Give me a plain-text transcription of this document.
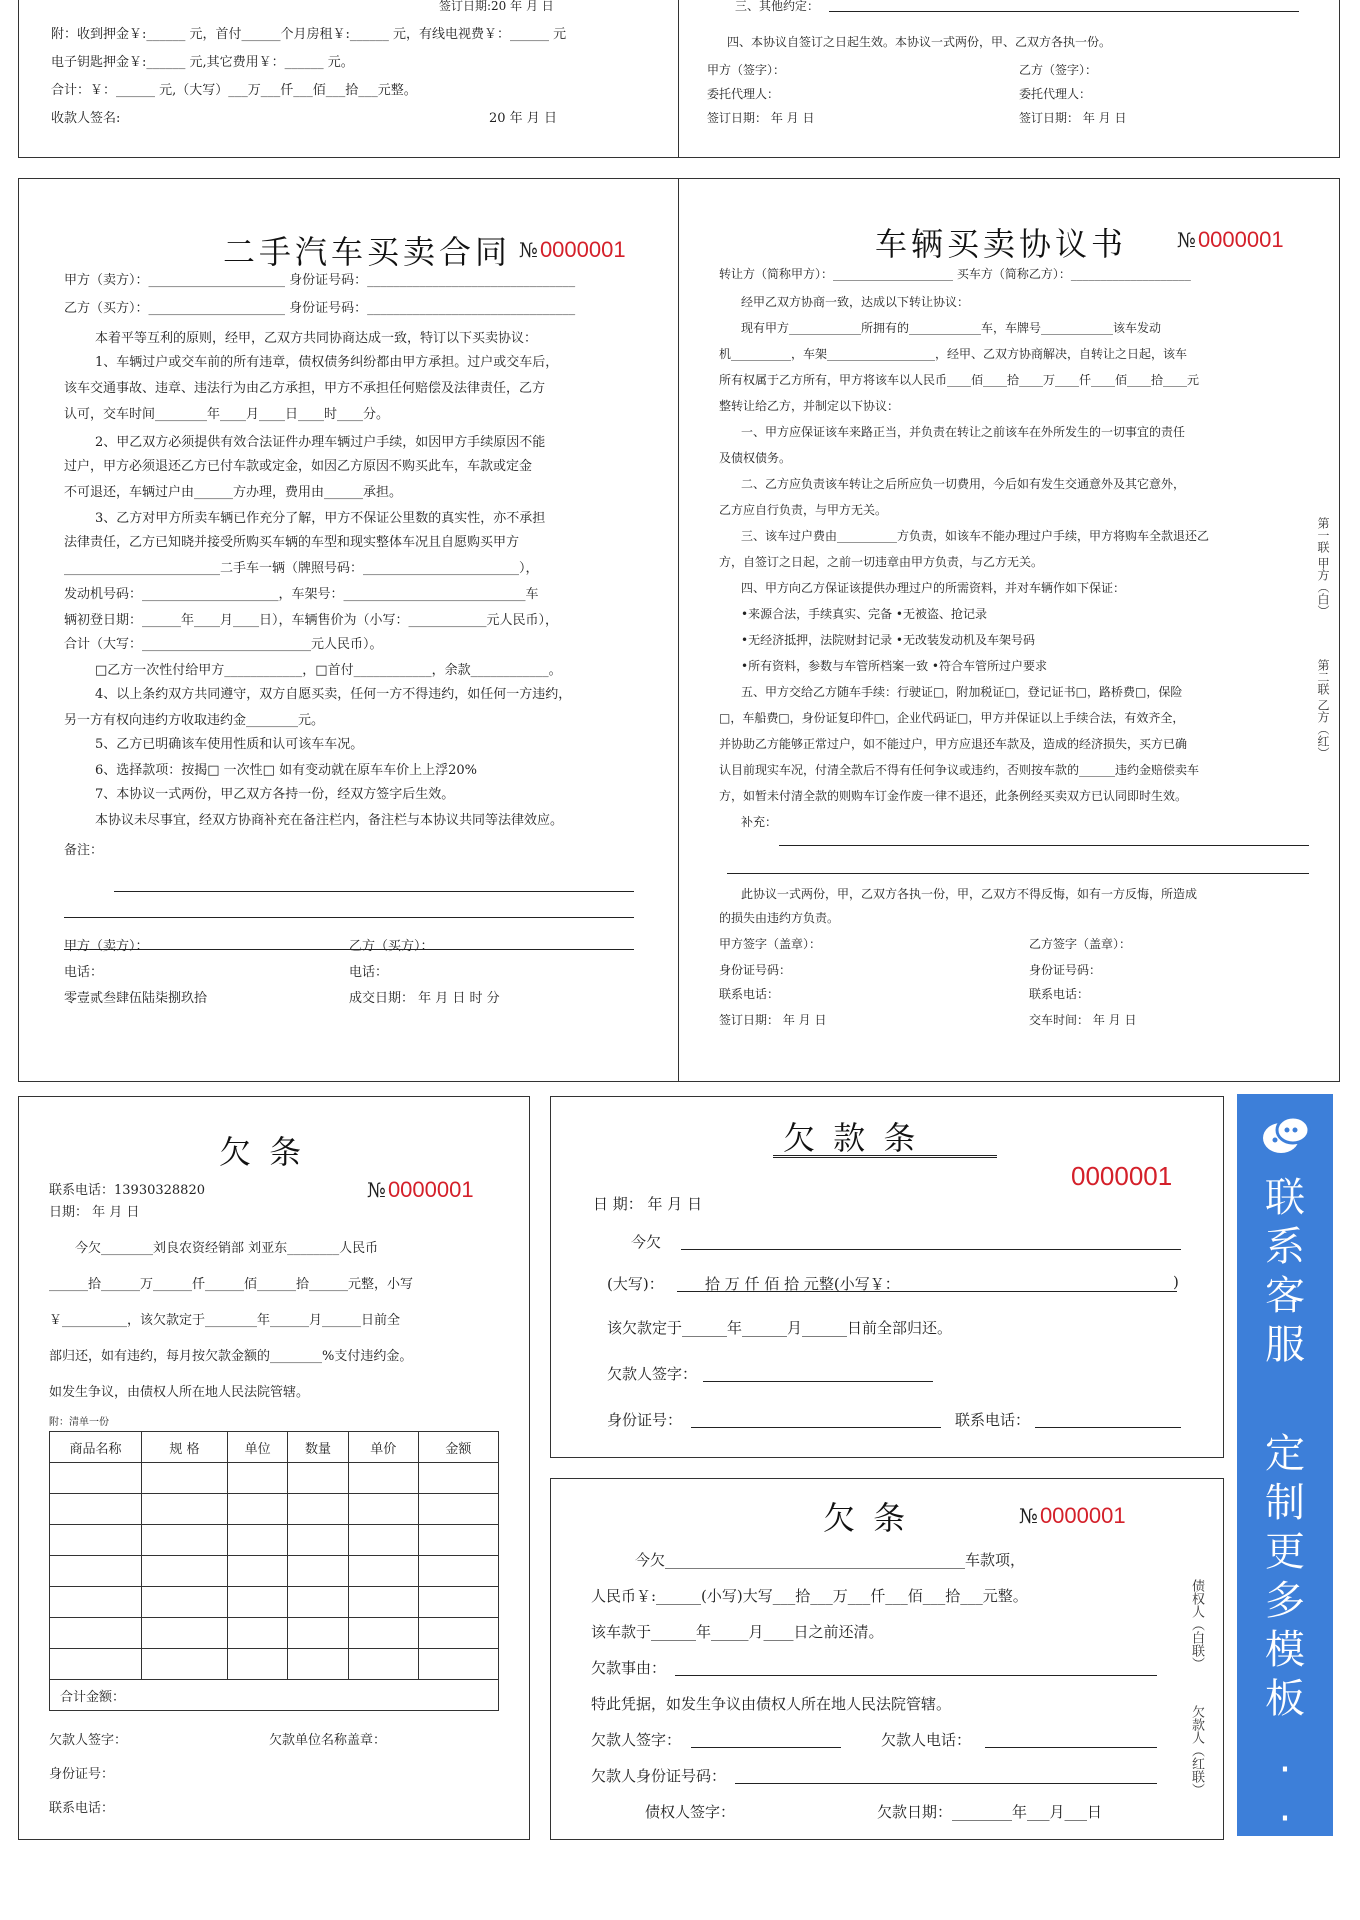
签订日期:20 年 月 日
附：收到押金￥:______ 元，首付______个月房租￥:______ 元，有线电视费￥：______ 元
电子钥匙押金￥:______ 元,其它费用￥：______ 元。
合计：￥：______ 元,（大写）___万___仟___佰___拾___元整。
收款人签名:	20 年 月 日
三、其他约定：
四、本协议自签订之日起生效。本协议一式两份，甲、乙双方各执一份。
甲方（签字）：	乙方（签字）：
委托代理人：	委托代理人：
签订日期： 年 月 日	签订日期： 年 月 日
二手汽车买卖合同 №0000001
甲方（卖方）：_____________________ 身份证号码：________________________________
乙方（买方）：_____________________ 身份证号码：________________________________
本着平等互利的原则，经甲，乙双方共同协商达成一致，特订以下买卖协议：
1、车辆过户或交车前的所有违章，债权债务纠纷都由甲方承担。过户或交车后，
该车交通事故、违章、违法行为由乙方承担，甲方不承担任何赔偿及法律责任，乙方
认可，交车时间________年____月____日____时____分。
2、甲乙双方必须提供有效合法证件办理车辆过户手续，如因甲方手续原因不能
过户，甲方必须退还乙方已付车款或定金，如因乙方原因不购买此车，车款或定金
不可退还，车辆过户由______方办理，费用由______承担。
3、乙方对甲方所卖车辆已作充分了解，甲方不保证公里数的真实性，亦不承担
法律责任，乙方已知晓并接受所购买车辆的车型和现实整体车况且自愿购买甲方
________________________二手车一辆（牌照号码：________________________），
发动机号码：_____________________，车架号：____________________________车
辆初登日期：______年____月____日），车辆售价为（小写：____________元人民币），
合计（大写：__________________________元人民币）。
□乙方一次性付给甲方____________，□首付____________，余款____________。
4、以上条约双方共同遵守，双方自愿买卖，任何一方不得违约，如任何一方违约，
另一方有权向违约方收取违约金________元。
5、乙方已明确该车使用性质和认可该车车况。
6、选择款项：按揭□ 一次性□ 如有变动就在原车车价上上浮20%
7、本协议一式两份，甲乙双方各持一份，经双方签字后生效。
本协议未尽事宜，经双方协商补充在备注栏内，备注栏与本协议共同等法律效应。
备注：
甲方（卖方）：	乙方（买方）：
电话：	电话：
零壹贰叁肆伍陆柒捌玖拾	成交日期： 年 月 日 时 分
车辆买卖协议书 №0000001
转让方（简称甲方）：____________________ 买车方（简称乙方）：____________________
经甲乙双方协商一致，达成以下转让协议：
现有甲方____________所拥有的____________车，车牌号____________该车发动
机__________，车架__________________，经甲、乙双方协商解决，自转让之日起，该车
所有权属于乙方所有，甲方将该车以人民币____佰____拾____万____仟____佰____拾____元
整转让给乙方，并制定以下协议：
一、甲方应保证该车来路正当，并负责在转让之前该车在外所发生的一切事宜的责任
及债权债务。
二、乙方应负责该车转让之后所应负一切费用，今后如有发生交通意外及其它意外，
乙方应自行负责，与甲方无关。
三、该车过户费由__________方负责，如该车不能办理过户手续，甲方将购车全款退还乙
方，自签订之日起，之前一切违章由甲方负责，与乙方无关。
四、甲方向乙方保证该提供办理过户的所需资料，并对车辆作如下保证：
•来源合法，手续真实、完备 •无被盗、抢记录
•无经济抵押，法院财封记录 •无改装发动机及车架号码
•所有资料，参数与车管所档案一致 •符合车管所过户要求
五、甲方交给乙方随车手续：行驶证□，附加税证□，登记证书□，路桥费□，保险
□，车船费□，身份证复印件□，企业代码证□，甲方并保证以上手续合法，有效齐全，
并协助乙方能够正常过户，如不能过户，甲方应退还车款及，造成的经济损失，买方已确
认目前现实车况，付清全款后不得有任何争议或违约，否则按车款的______违约金赔偿卖车
方，如暂未付清全款的则购车订金作废一律不退还，此条例经买卖双方已认同即时生效。
补充：
此协议一式两份，甲，乙双方各执一份，甲，乙双方不得反悔，如有一方反悔，所造成
的损失由违约方负责。
甲方签字（盖章）：	乙方签字（盖章）：
身份证号码：	身份证号码：
联系电话：	联系电话：
签订日期： 年 月 日	交车时间： 年 月 日
第一联 甲方（白）
第二联 乙方（红）
欠 条
联系电话：13930328820
日期： 年 月 日
№0000001
今欠________刘良农资经销部 刘亚东________人民币
______拾______万______仟______佰______拾______元整，小写
￥__________，该欠款定于________年______月______日前全
部归还，如有违约，每月按欠款金额的________%支付违约金。
如发生争议，由债权人所在地人民法院管辖。
附：清单一份
商品名称	规 格	单位	数量	单价	金额

合计金额：					
欠款人签字：	欠款单位名称盖章：
身份证号：
联系电话：
欠 款 条
0000001
日 期： 年 月 日
今欠
(大写)：	拾 万 仟 佰 拾 元整(小写￥：	)
该欠款定于______年______月______日前全部归还。
欠款人签字：
身份证号：	联系电话：
欠 条	№0000001
今欠________________________________________车款项，
人民币￥:______(小写)大写___拾___万___仟___佰___拾___元整。
该车款于______年_____月____日之前还清。
欠款事由：
特此凭据，如发生争议由债权人所在地人民法院管辖。
欠款人签字：	欠款人电话：
欠款人身份证号码：
债权人签字：	欠款日期：________年___月___日
债权人（白联）
欠款人（红联）
联
系
客
服
定
制
更
多
模
板
·
·
